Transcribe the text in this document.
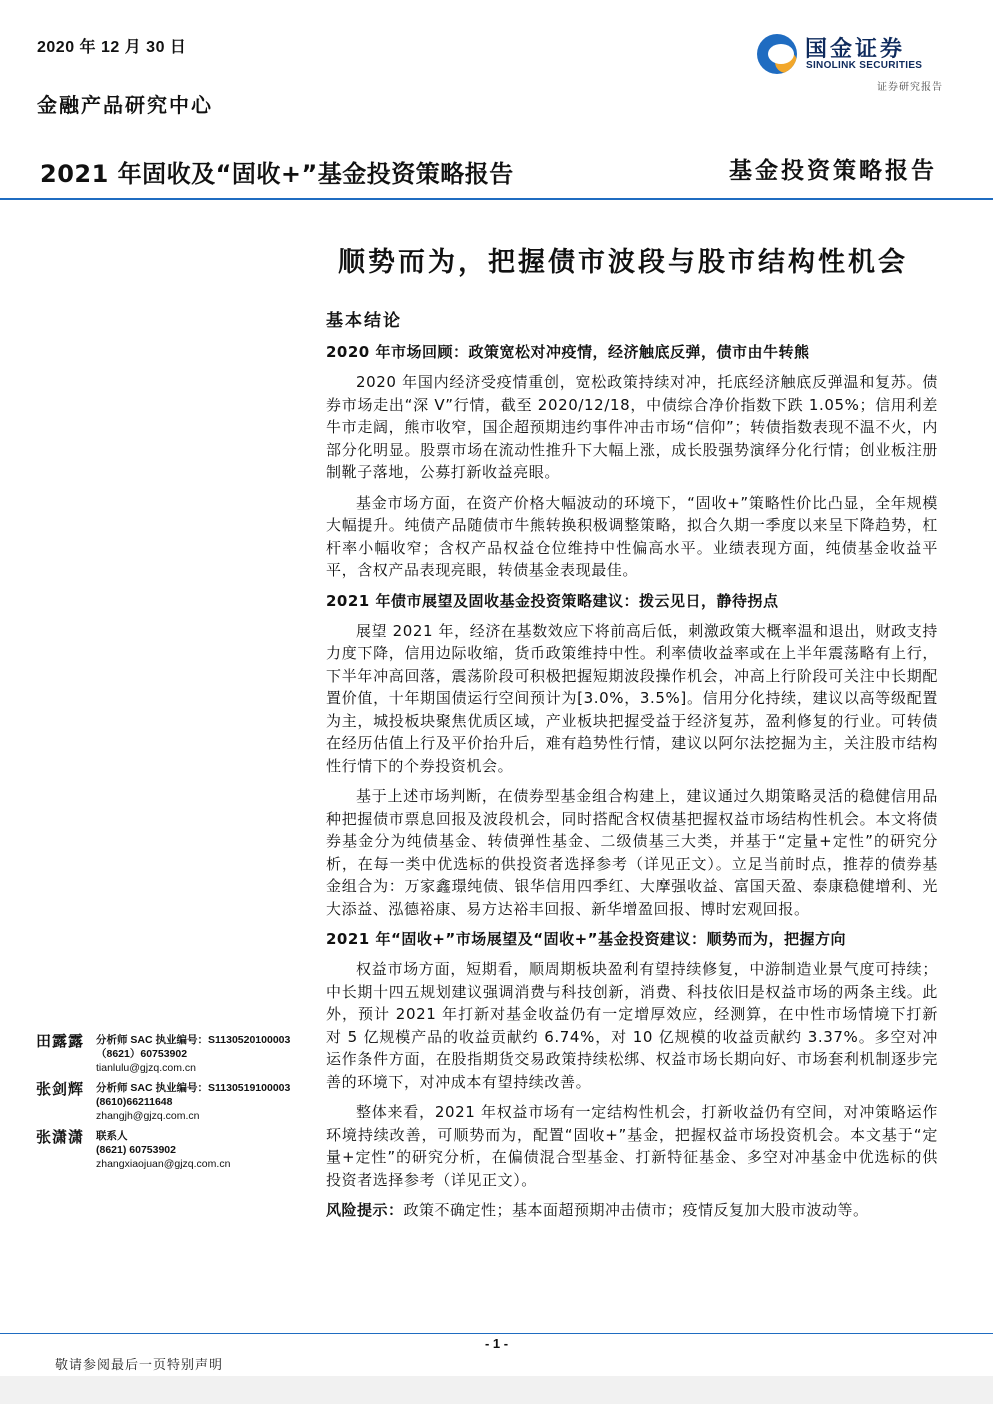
2020 年 12 月 30 日
金融产品研究中心
国金证券
SINOLINK SECURITIES
证券研究报告
2021 年固收及“固收+”基金投资策略报告	基金投资策略报告
顺势而为，把握债市波段与股市结构性机会
基本结论
2020 年市场回顾：政策宽松对冲疫情，经济触底反弹，债市由牛转熊

2020 年国内经济受疫情重创，宽松政策持续对冲，托底经济触底反弹温和复苏。债券市场走出“深 V”行情，截至 2020/12/18，中债综合净价指数下跌 1.05%；信用利差牛市走阔，熊市收窄，国企超预期违约事件冲击市场“信仰”；转债指数表现不温不火，内部分化明显。股票市场在流动性推升下大幅上涨，成长股强势演绎分化行情；创业板注册制靴子落地，公募打新收益亮眼。

基金市场方面，在资产价格大幅波动的环境下，“固收+”策略性价比凸显，全年规模大幅提升。纯债产品随债市牛熊转换积极调整策略，拟合久期一季度以来呈下降趋势，杠杆率小幅收窄；含权产品权益仓位维持中性偏高水平。业绩表现方面，纯债基金收益平平，含权产品表现亮眼，转债基金表现最佳。

2021 年债市展望及固收基金投资策略建议：拨云见日，静待拐点

展望 2021 年，经济在基数效应下将前高后低，刺激政策大概率温和退出，财政支持力度下降，信用边际收缩，货币政策维持中性。利率债收益率或在上半年震荡略有上行，下半年冲高回落，震荡阶段可积极把握短期波段操作机会，冲高上行阶段可关注中长期配置价值，十年期国债运行空间预计为[3.0%，3.5%]。信用分化持续，建议以高等级配置为主，城投板块聚焦优质区域，产业板块把握受益于经济复苏，盈利修复的行业。可转债在经历估值上行及平价抬升后，难有趋势性行情，建议以阿尔法挖掘为主，关注股市结构性行情下的个券投资机会。

基于上述市场判断，在债券型基金组合构建上，建议通过久期策略灵活的稳健信用品种把握债市票息回报及波段机会，同时搭配含权债基把握权益市场结构性机会。本文将债券基金分为纯债基金、转债弹性基金、二级债基三大类，并基于“定量+定性”的研究分析，在每一类中优选标的供投资者选择参考（详见正文）。立足当前时点，推荐的债券基金组合为：万家鑫璟纯债、银华信用四季红、大摩强收益、富国天盈、泰康稳健增利、光大添益、泓德裕康、易方达裕丰回报、新华增盈回报、博时宏观回报。

2021 年“固收+”市场展望及“固收+”基金投资建议：顺势而为，把握方向

权益市场方面，短期看，顺周期板块盈利有望持续修复，中游制造业景气度可持续；中长期十四五规划建议强调消费与科技创新，消费、科技依旧是权益市场的两条主线。此外，预计 2021 年打新对基金收益仍有一定增厚效应，经测算，在中性市场情境下打新对 5 亿规模产品的收益贡献约 6.74%，对 10 亿规模的收益贡献约 3.37%。多空对冲运作条件方面，在股指期货交易政策持续松绑、权益市场长期向好、市场套利机制逐步完善的环境下，对冲成本有望持续改善。

整体来看，2021 年权益市场有一定结构性机会，打新收益仍有空间，对冲策略运作环境持续改善，可顺势而为，配置“固收+”基金，把握权益市场投资机会。本文基于“定量+定性”的研究分析，在偏债混合型基金、打新特征基金、多空对冲基金中优选标的供投资者选择参考（详见正文）。

风险提示：政策不确定性；基本面超预期冲击债市；疫情反复加大股市波动等。
田露露 分析师 SAC 执业编号：S1130520100003
（8621）60753902
tianlulu@gjzq.com.cn
张剑辉 分析师 SAC 执业编号：S1130519100003
(8610)66211648
zhangjh@gjzq.com.cn
张潇潇 联系人
(8621) 60753902
zhangxiaojuan@gjzq.com.cn
- 1 -
敬请参阅最后一页特别声明
